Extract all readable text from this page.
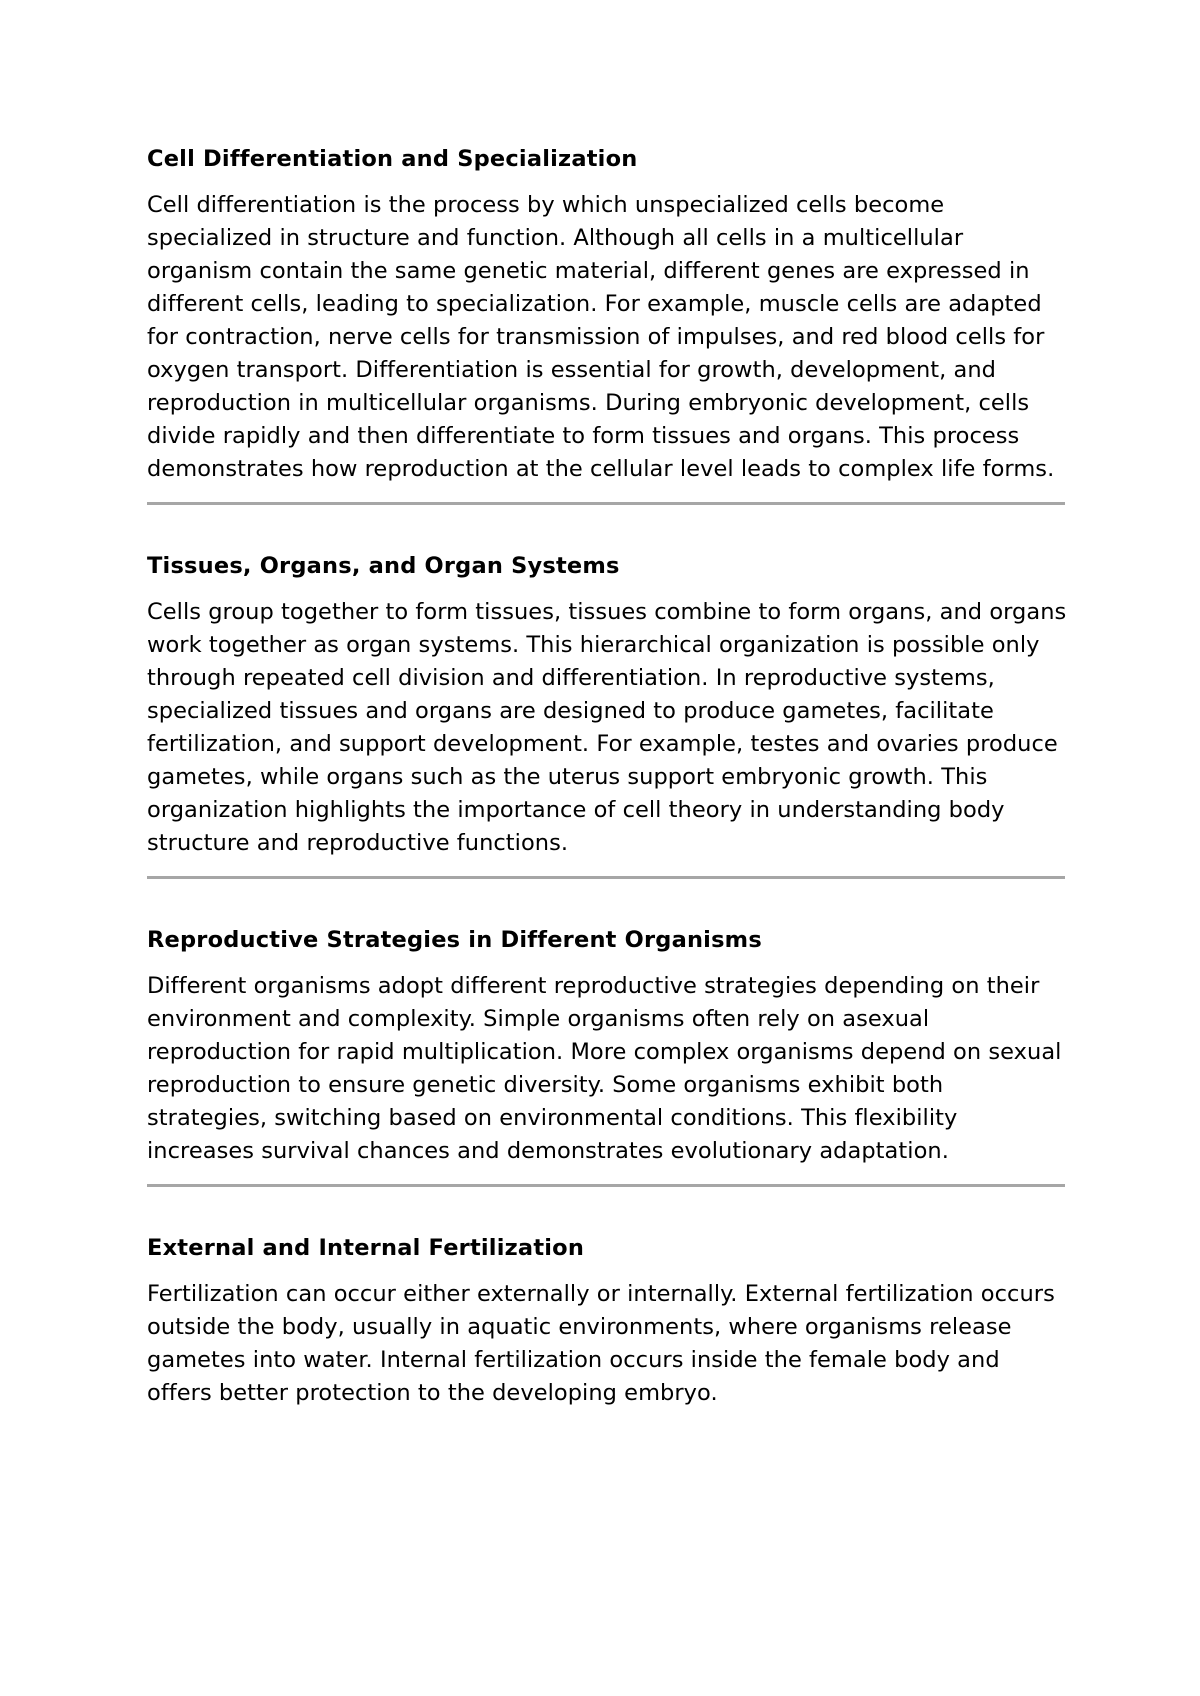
Cell Differentiation and Specialization

Cell differentiation is the process by which unspecialized cells become specialized in structure and function. Although all cells in a multicellular organism contain the same genetic material, different genes are expressed in different cells, leading to specialization. For example, muscle cells are adapted for contraction, nerve cells for transmission of impulses, and red blood cells for oxygen transport. Differentiation is essential for growth, development, and reproduction in multicellular organisms. During embryonic development, cells divide rapidly and then differentiate to form tissues and organs. This process demonstrates how reproduction at the cellular level leads to complex life forms.

Tissues, Organs, and Organ Systems

Cells group together to form tissues, tissues combine to form organs, and organs work together as organ systems. This hierarchical organization is possible only through repeated cell division and differentiation. In reproductive systems, specialized tissues and organs are designed to produce gametes, facilitate fertilization, and support development. For example, testes and ovaries produce gametes, while organs such as the uterus support embryonic growth. This organization highlights the importance of cell theory in understanding body structure and reproductive functions.

Reproductive Strategies in Different Organisms

Different organisms adopt different reproductive strategies depending on their environment and complexity. Simple organisms often rely on asexual reproduction for rapid multiplication. More complex organisms depend on sexual reproduction to ensure genetic diversity. Some organisms exhibit both strategies, switching based on environmental conditions. This flexibility increases survival chances and demonstrates evolutionary adaptation.

External and Internal Fertilization

Fertilization can occur either externally or internally. External fertilization occurs outside the body, usually in aquatic environments, where organisms release gametes into water. Internal fertilization occurs inside the female body and offers better protection to the developing embryo.
